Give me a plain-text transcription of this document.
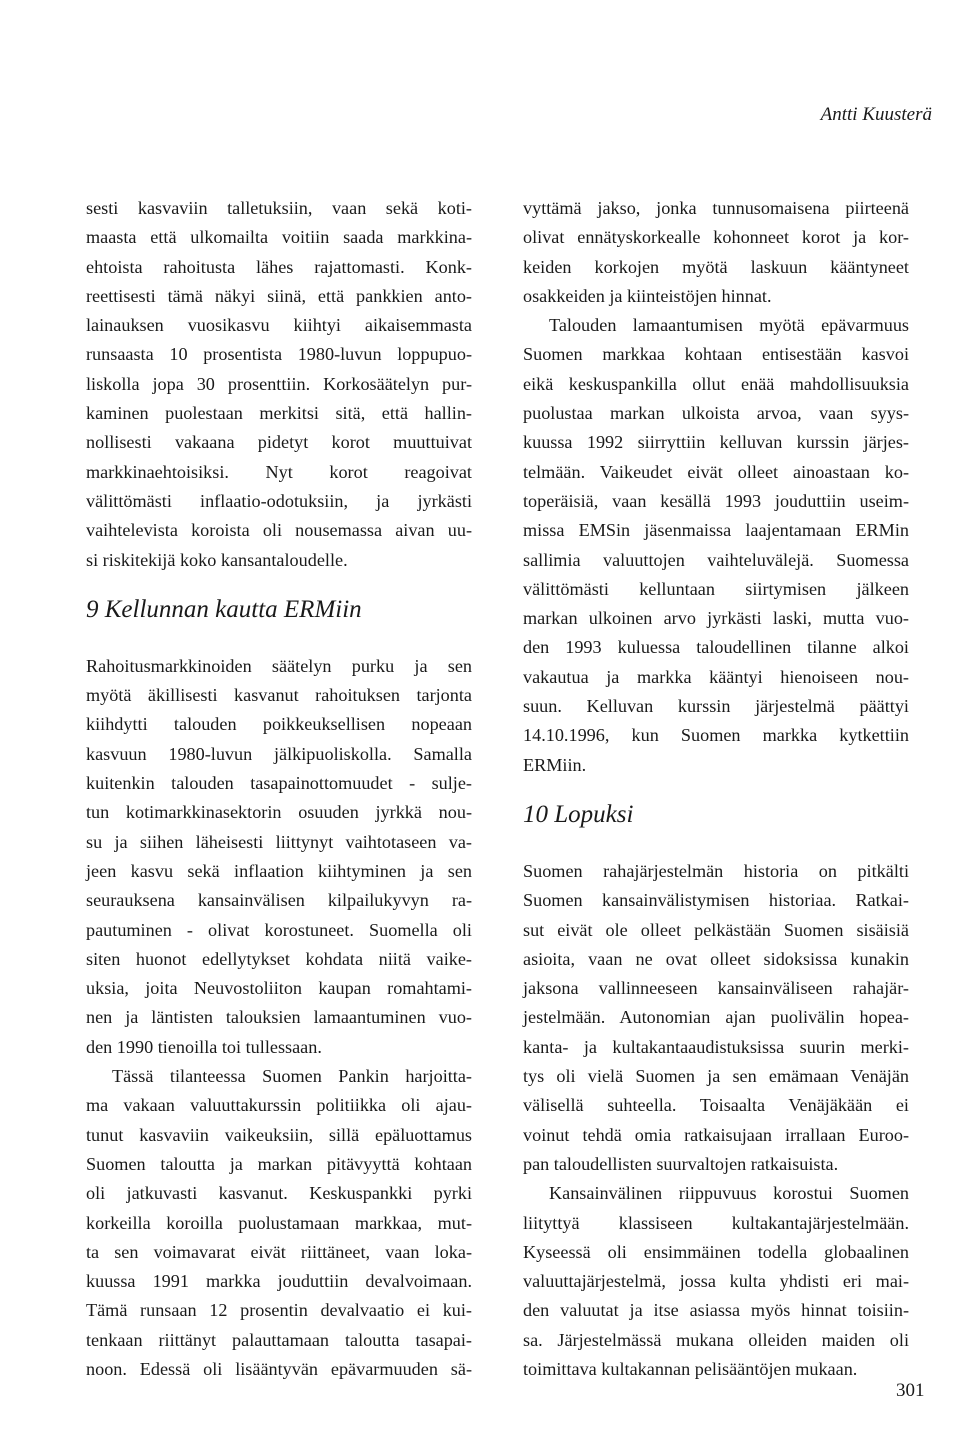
Antti Kuusterä
sesti kasvaviin talletuksiin, vaan sekä koti-
maasta että ulkomailta voitiin saada markkina-
ehtoista rahoitusta lähes rajattomasti. Konk-
reettisesti tämä näkyi siinä, että pankkien anto-
lainauksen vuosikasvu kiihtyi aikaisemmasta
runsaasta 10 prosentista 1980-luvun loppupuo-
liskolla jopa 30 prosenttiin. Korkosäätelyn pur-
kaminen puolestaan merkitsi sitä, että hallin-
nollisesti vakaana pidetyt korot muuttuivat
markkinaehtoisiksi. Nyt korot reagoivat
välittömästi inflaatio-odotuksiin, ja jyrkästi
vaihtelevista koroista oli nousemassa aivan uu-
si riskitekijä koko kansantaloudelle.
9 Kellunnan kautta ERMiin
Rahoitusmarkkinoiden säätelyn purku ja sen
myötä äkillisesti kasvanut rahoituksen tarjonta
kiihdytti talouden poikkeuksellisen nopeaan
kasvuun 1980-luvun jälkipuoliskolla. Samalla
kuitenkin talouden tasapainottomuudet - sulje-
tun kotimarkkinasektorin osuuden jyrkkä nou-
su ja siihen läheisesti liittynyt vaihtotaseen va-
jeen kasvu sekä inflaation kiihtyminen ja sen
seurauksena kansainvälisen kilpailukyvyn ra-
pautuminen - olivat korostuneet. Suomella oli
siten huonot edellytykset kohdata niitä vaike-
uksia, joita Neuvostoliiton kaupan romahtami-
nen ja läntisten talouksien lamaantuminen vuo-
den 1990 tienoilla toi tullessaan.
Tässä tilanteessa Suomen Pankin harjoitta-
ma vakaan valuuttakurssin politiikka oli ajau-
tunut kasvaviin vaikeuksiin, sillä epäluottamus
Suomen taloutta ja markan pitävyyttä kohtaan
oli jatkuvasti kasvanut. Keskuspankki pyrki
korkeilla koroilla puolustamaan markkaa, mut-
ta sen voimavarat eivät riittäneet, vaan loka-
kuussa 1991 markka jouduttiin devalvoimaan.
Tämä runsaan 12 prosentin devalvaatio ei kui-
tenkaan riittänyt palauttamaan taloutta tasapai-
noon. Edessä oli lisääntyvän epävarmuuden sä-
vyttämä jakso, jonka tunnusomaisena piirteenä
olivat ennätyskorkealle kohonneet korot ja kor-
keiden korkojen myötä laskuun kääntyneet
osakkeiden ja kiinteistöjen hinnat.
Talouden lamaantumisen myötä epävarmuus
Suomen markkaa kohtaan entisestään kasvoi
eikä keskuspankilla ollut enää mahdollisuuksia
puolustaa markan ulkoista arvoa, vaan syys-
kuussa 1992 siirryttiin kelluvan kurssin järjes-
telmään. Vaikeudet eivät olleet ainoastaan ko-
toperäisiä, vaan kesällä 1993 jouduttiin useim-
missa EMSin jäsenmaissa laajentamaan ERMin
sallimia valuuttojen vaihteluvälejä. Suomessa
välittömästi kelluntaan siirtymisen jälkeen
markan ulkoinen arvo jyrkästi laski, mutta vuo-
den 1993 kuluessa taloudellinen tilanne alkoi
vakautua ja markka kääntyi hienoiseen nou-
suun. Kelluvan kurssin järjestelmä päättyi
14.10.1996, kun Suomen markka kytkettiin
ERMiin.
10 Lopuksi
Suomen rahajärjestelmän historia on pitkälti
Suomen kansainvälistymisen historiaa. Ratkai-
sut eivät ole olleet pelkästään Suomen sisäisiä
asioita, vaan ne ovat olleet sidoksissa kunakin
jaksona vallinneeseen kansainväliseen rahajär-
jestelmään. Autonomian ajan puolivälin hopea-
kanta- ja kultakantaaudistuksissa suurin merki-
tys oli vielä Suomen ja sen emämaan Venäjän
välisellä suhteella. Toisaalta Venäjäkään ei
voinut tehdä omia ratkaisujaan irrallaan Euroo-
pan taloudellisten suurvaltojen ratkaisuista.
Kansainvälinen riippuvuus korostui Suomen
liityttyä klassiseen kultakantajärjestelmään.
Kyseessä oli ensimmäinen todella globaalinen
valuuttajärjestelmä, jossa kulta yhdisti eri mai-
den valuutat ja itse asiassa myös hinnat toisiin-
sa. Järjestelmässä mukana olleiden maiden oli
toimittava kultakannan pelisääntöjen mukaan.
301
